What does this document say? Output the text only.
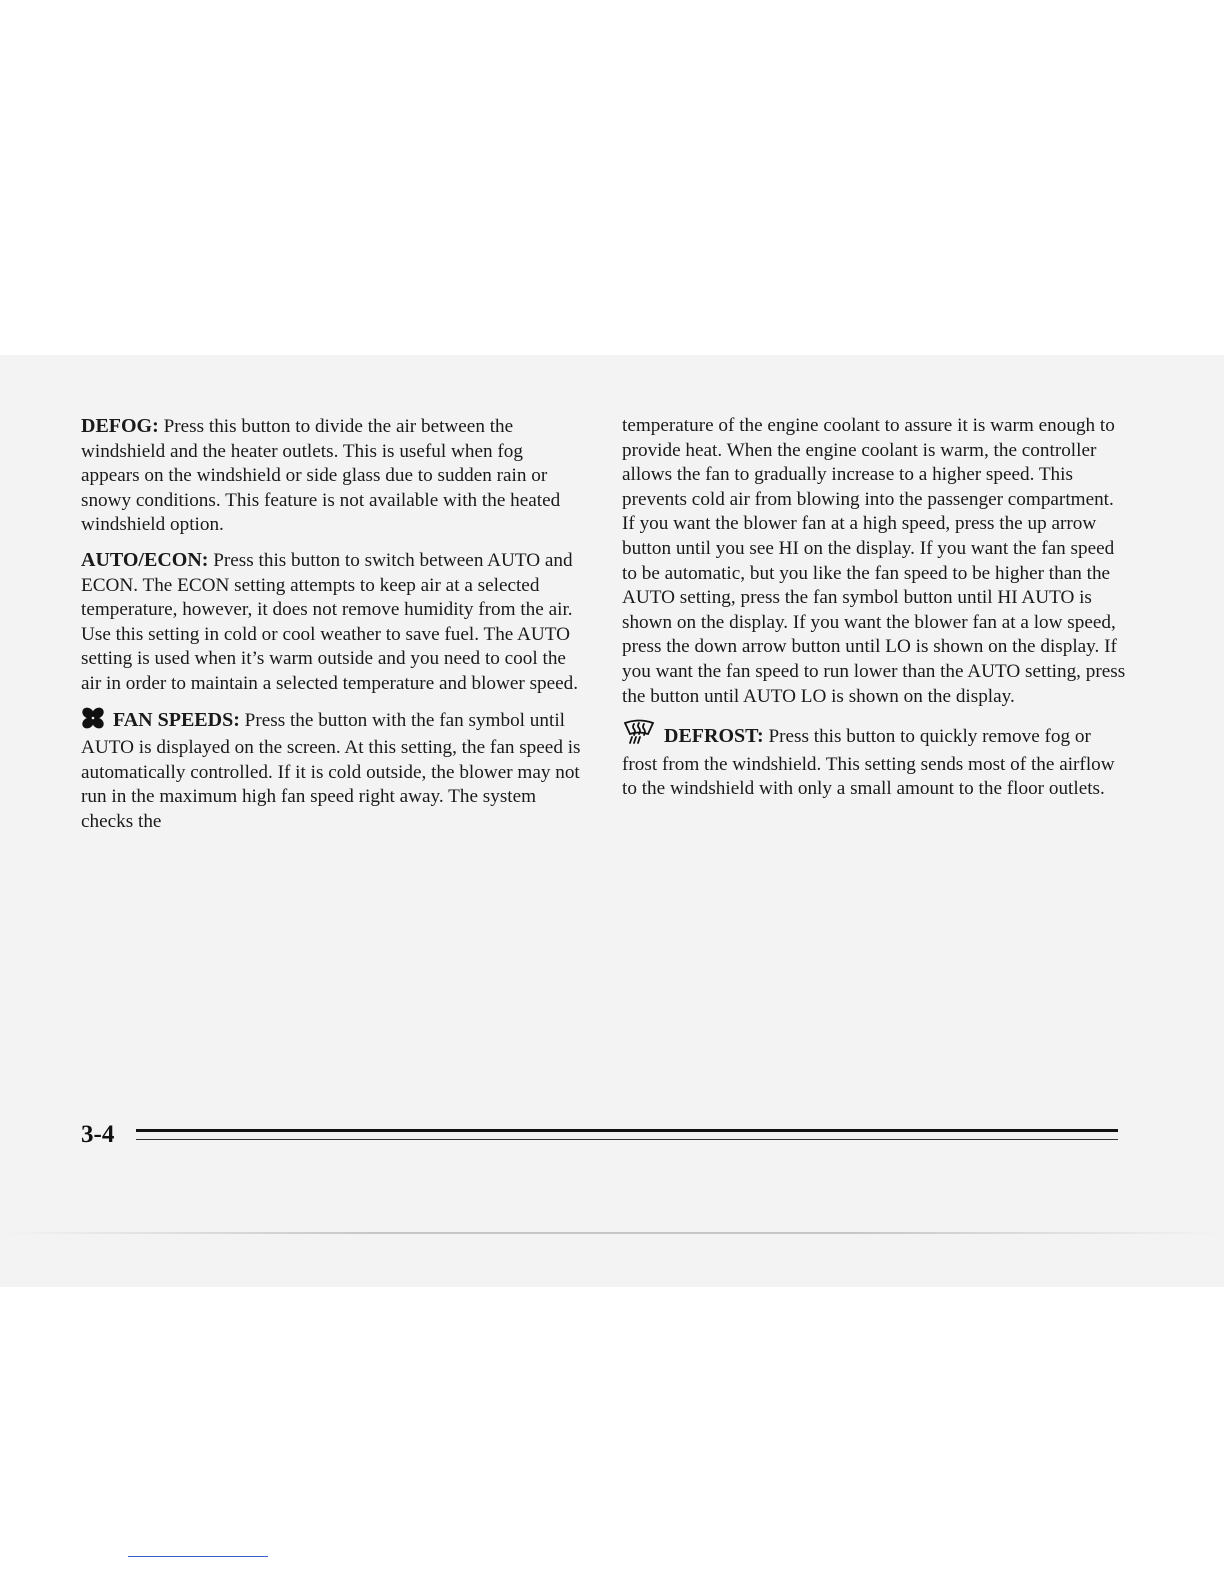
DEFOG: Press this button to divide the air between the windshield and the heater outlets. This is useful when fog appears on the windshield or side glass due to sudden rain or snowy conditions. This feature is not available with the heated windshield option.

AUTO/ECON: Press this button to switch between AUTO and ECON. The ECON setting attempts to keep air at a selected temperature, however, it does not remove humidity from the air. Use this setting in cold or cool weather to save fuel. The AUTO setting is used when it’s warm outside and you need to cool the air in order to maintain a selected temperature and blower speed.

FAN SPEEDS: Press the button with the fan symbol until AUTO is displayed on the screen. At this setting, the fan speed is automatically controlled. If it is cold outside, the blower may not run in the maximum high fan speed right away. The system checks the

temperature of the engine coolant to assure it is warm enough to provide heat. When the engine coolant is warm, the controller allows the fan to gradually increase to a higher speed. This prevents cold air from blowing into the passenger compartment. If you want the blower fan at a high speed, press the up arrow button until you see HI on the display. If you want the fan speed to be automatic, but you like the fan speed to be higher than the AUTO setting, press the fan symbol button until HI AUTO is shown on the display. If you want the blower fan at a low speed, press the down arrow button until LO is shown on the display. If you want the fan speed to run lower than the AUTO setting, press the button until AUTO LO is shown on the display.

DEFROST: Press this button to quickly remove fog or frost from the windshield. This setting sends most of the airflow to the windshield with only a small amount to the floor outlets.

3-4
